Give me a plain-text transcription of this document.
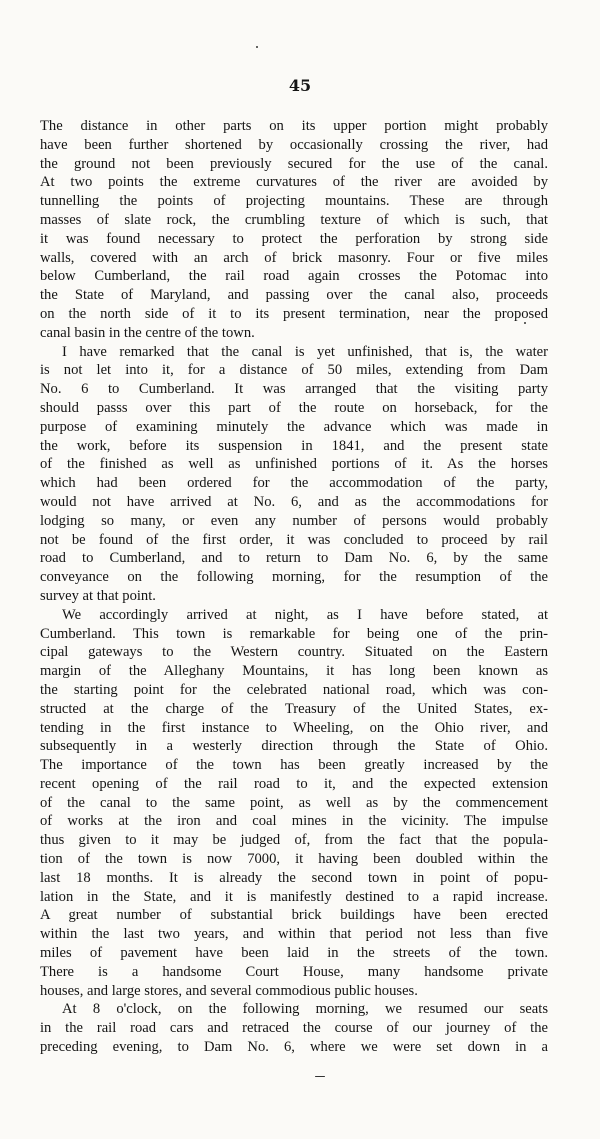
45
The distance in other parts on its upper portion might probably
have been further shortened by occasionally crossing the river, had
the ground not been previously secured for the use of the canal.
At two points the extreme curvatures of the river are avoided by
tunnelling the points of projecting mountains. These are through
masses of slate rock, the crumbling texture of which is such, that
it was found necessary to protect the perforation by strong side
walls, covered with an arch of brick masonry. Four or five miles
below Cumberland, the rail road again crosses the Potomac into
the State of Maryland, and passing over the canal also, proceeds
on the north side of it to its present termination, near the proposed
canal basin in the centre of the town.
I have remarked that the canal is yet unfinished, that is, the water
is not let into it, for a distance of 50 miles, extending from Dam
No. 6 to Cumberland. It was arranged that the visiting party
should passs over this part of the route on horseback, for the
purpose of examining minutely the advance which was made in
the work, before its suspension in 1841, and the present state
of the finished as well as unfinished portions of it. As the horses
which had been ordered for the accommodation of the party,
would not have arrived at No. 6, and as the accommodations for
lodging so many, or even any number of persons would probably
not be found of the first order, it was concluded to proceed by rail
road to Cumberland, and to return to Dam No. 6, by the same
conveyance on the following morning, for the resumption of the
survey at that point.
We accordingly arrived at night, as I have before stated, at
Cumberland. This town is remarkable for being one of the prin-
cipal gateways to the Western country. Situated on the Eastern
margin of the Alleghany Mountains, it has long been known as
the starting point for the celebrated national road, which was con-
structed at the charge of the Treasury of the United States, ex-
tending in the first instance to Wheeling, on the Ohio river, and
subsequently in a westerly direction through the State of Ohio.
The importance of the town has been greatly increased by the
recent opening of the rail road to it, and the expected extension
of the canal to the same point, as well as by the commencement
of works at the iron and coal mines in the vicinity. The impulse
thus given to it may be judged of, from the fact that the popula-
tion of the town is now 7000, it having been doubled within the
last 18 months. It is already the second town in point of popu-
lation in the State, and it is manifestly destined to a rapid increase.
A great number of substantial brick buildings have been erected
within the last two years, and within that period not less than five
miles of pavement have been laid in the streets of the town.
There is a handsome Court House, many handsome private
houses, and large stores, and several commodious public houses.
At 8 o'clock, on the following morning, we resumed our seats
in the rail road cars and retraced the course of our journey of the
preceding evening, to Dam No. 6, where we were set down in a
